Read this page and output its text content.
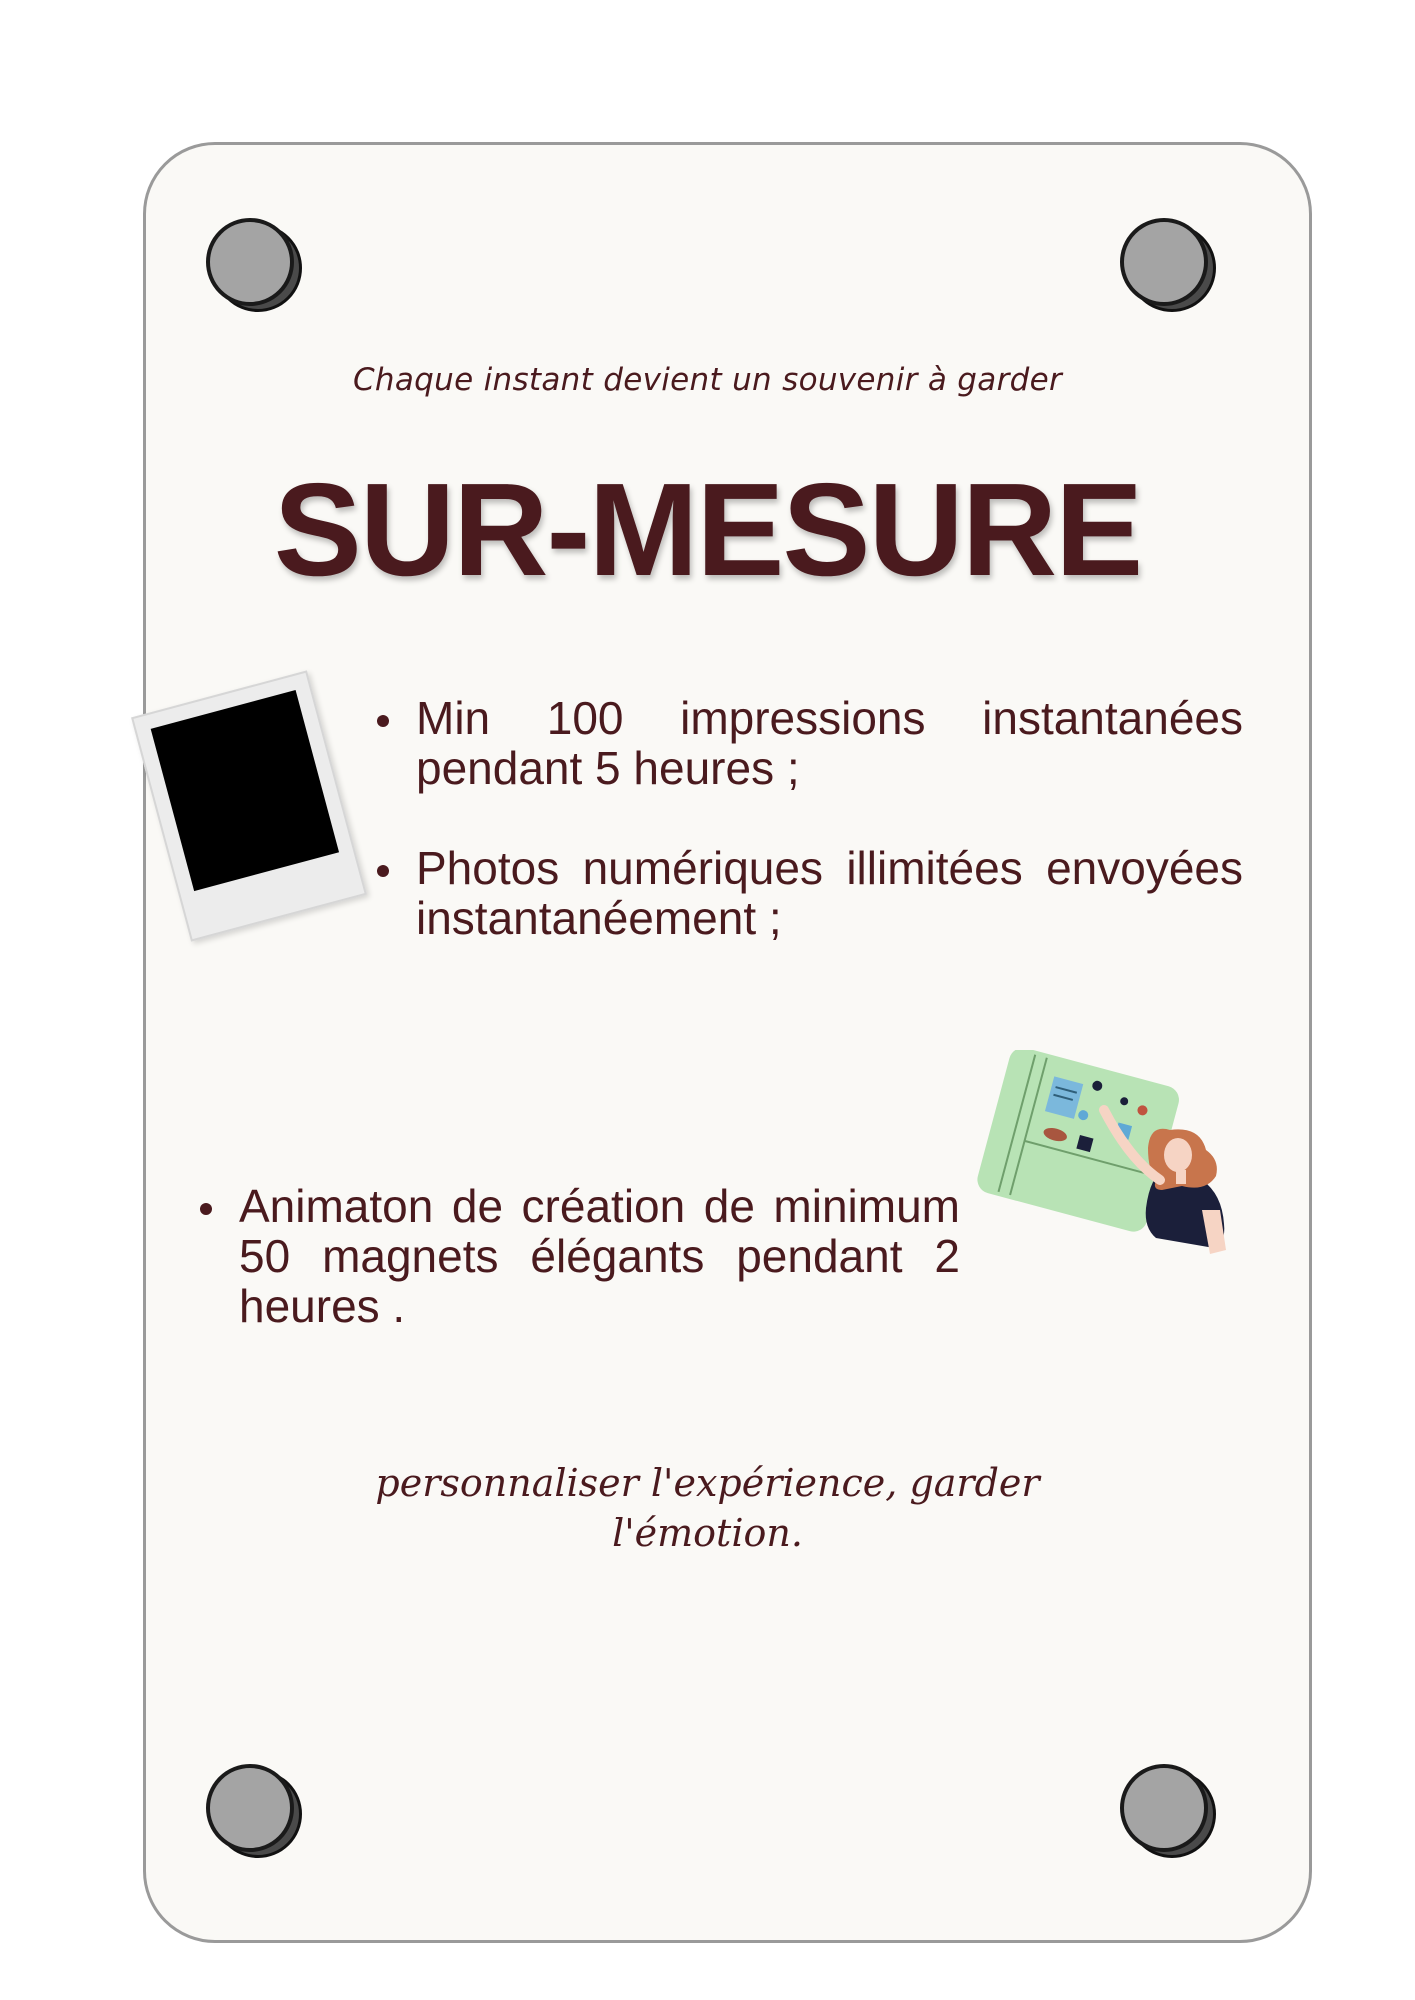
Chaque instant devient un souvenir à garder
SUR-MESURE
Min 100 impressions instantanées pendant 5 heures ;
Photos numériques illimitées envoyées instantanéement ;
Animaton de création de minimum 50 magnets élégants pendant 2 heures .
personnaliser l'expérience, garder
l'émotion.
